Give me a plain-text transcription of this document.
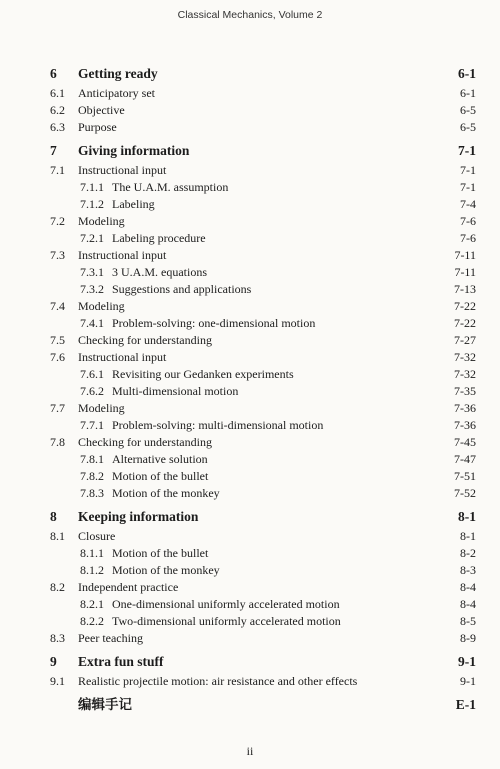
Classical Mechanics, Volume 2
6 Getting ready	6-1
6.1 Anticipatory set	6-1
6.2 Objective	6-5
6.3 Purpose	6-5
7 Giving information	7-1
7.1 Instructional input	7-1
7.1.1 The U.A.M. assumption	7-1
7.1.2 Labeling	7-4
7.2 Modeling	7-6
7.2.1 Labeling procedure	7-6
7.3 Instructional input	7-11
7.3.1 3 U.A.M. equations	7-11
7.3.2 Suggestions and applications	7-13
7.4 Modeling	7-22
7.4.1 Problem-solving: one-dimensional motion	7-22
7.5 Checking for understanding	7-27
7.6 Instructional input	7-32
7.6.1 Revisiting our Gedanken experiments	7-32
7.6.2 Multi-dimensional motion	7-35
7.7 Modeling	7-36
7.7.1 Problem-solving: multi-dimensional motion	7-36
7.8 Checking for understanding	7-45
7.8.1 Alternative solution	7-47
7.8.2 Motion of the bullet	7-51
7.8.3 Motion of the monkey	7-52
8 Keeping information	8-1
8.1 Closure	8-1
8.1.1 Motion of the bullet	8-2
8.1.2 Motion of the monkey	8-3
8.2 Independent practice	8-4
8.2.1 One-dimensional uniformly accelerated motion	8-4
8.2.2 Two-dimensional uniformly accelerated motion	8-5
8.3 Peer teaching	8-9
9 Extra fun stuff	9-1
9.1 Realistic projectile motion: air resistance and other effects	9-1
编辑手记	E-1
ii
